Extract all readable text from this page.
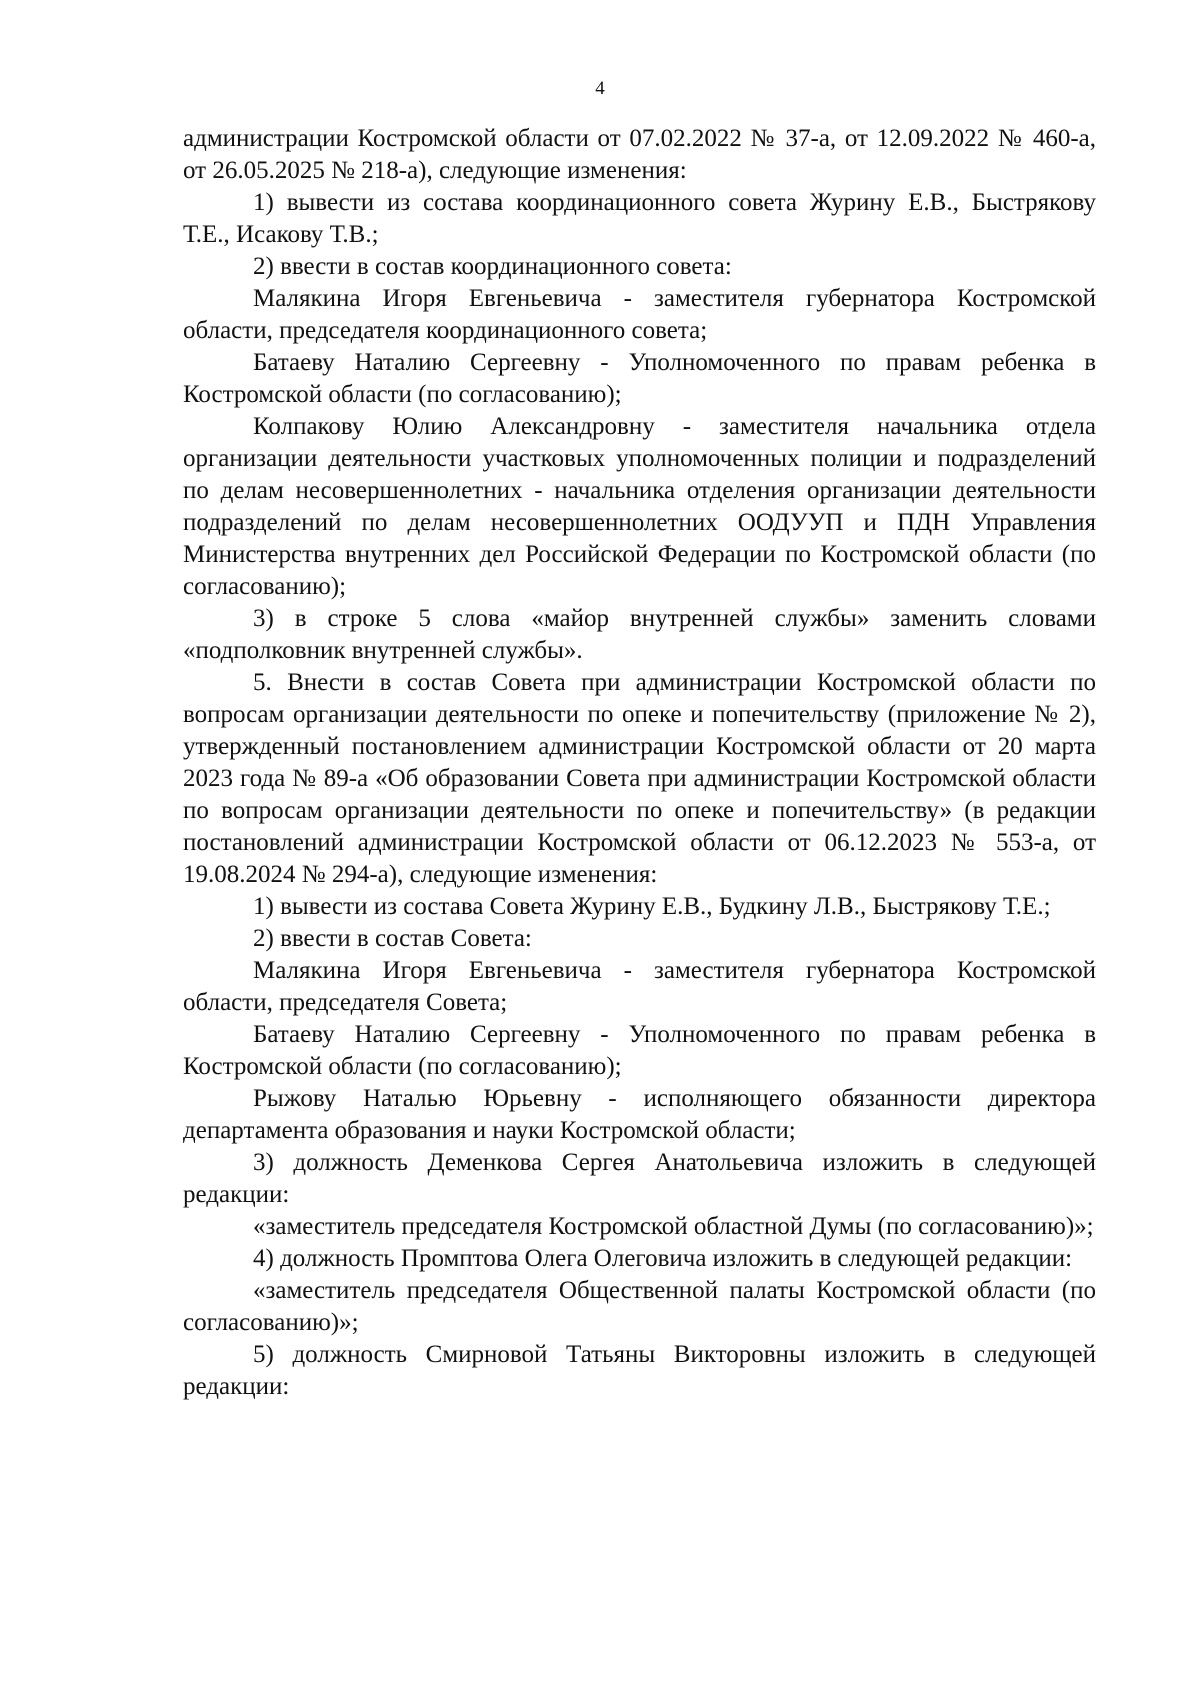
4

администрации Костромской области от 07.02.2022 № 37-а, от 12.09.2022 № 460-а, от 26.05.2025 № 218-а), следующие изменения:

1) вывести из состава координационного совета Журину Е.В., Быстрякову Т.Е., Исакову Т.В.;

2) ввести в состав координационного совета:

Малякина Игоря Евгеньевича - заместителя губернатора Костромской области, председателя координационного совета;

Батаеву Наталию Сергеевну - Уполномоченного по правам ребенка в Костромской области (по согласованию);

Колпакову Юлию Александровну - заместителя начальника отдела организации деятельности участковых уполномоченных полиции и подразделений по делам несовершеннолетних - начальника отделения организации деятельности подразделений по делам несовершеннолетних ООДУУП и ПДН Управления Министерства внутренних дел Российской Федерации по Костромской области (по согласованию);

3) в строке 5 слова «майор внутренней службы» заменить словами «подполковник внутренней службы».

5. Внести в состав Совета при администрации Костромской области по вопросам организации деятельности по опеке и попечительству (приложение № 2), утвержденный постановлением администрации Костромской области от 20 марта 2023 года № 89-а «Об образовании Совета при администрации Костромской области по вопросам организации деятельности по опеке и попечительству» (в редакции постановлений администрации Костромской области от 06.12.2023 № 553-а, от 19.08.2024 № 294-а), следующие изменения:

1) вывести из состава Совета Журину Е.В., Будкину Л.В., Быстрякову Т.Е.;

2) ввести в состав Совета:

Малякина Игоря Евгеньевича - заместителя губернатора Костромской области, председателя Совета;

Батаеву Наталию Сергеевну - Уполномоченного по правам ребенка в Костромской области (по согласованию);

Рыжову Наталью Юрьевну - исполняющего обязанности директора департамента образования и науки Костромской области;

3) должность Деменкова Сергея Анатольевича изложить в следующей редакции:

«заместитель председателя Костромской областной Думы (по согласованию)»;

4) должность Промптова Олега Олеговича изложить в следующей редакции:

«заместитель председателя Общественной палаты Костромской области (по согласованию)»;

5) должность Смирновой Татьяны Викторовны изложить в следующей редакции:
